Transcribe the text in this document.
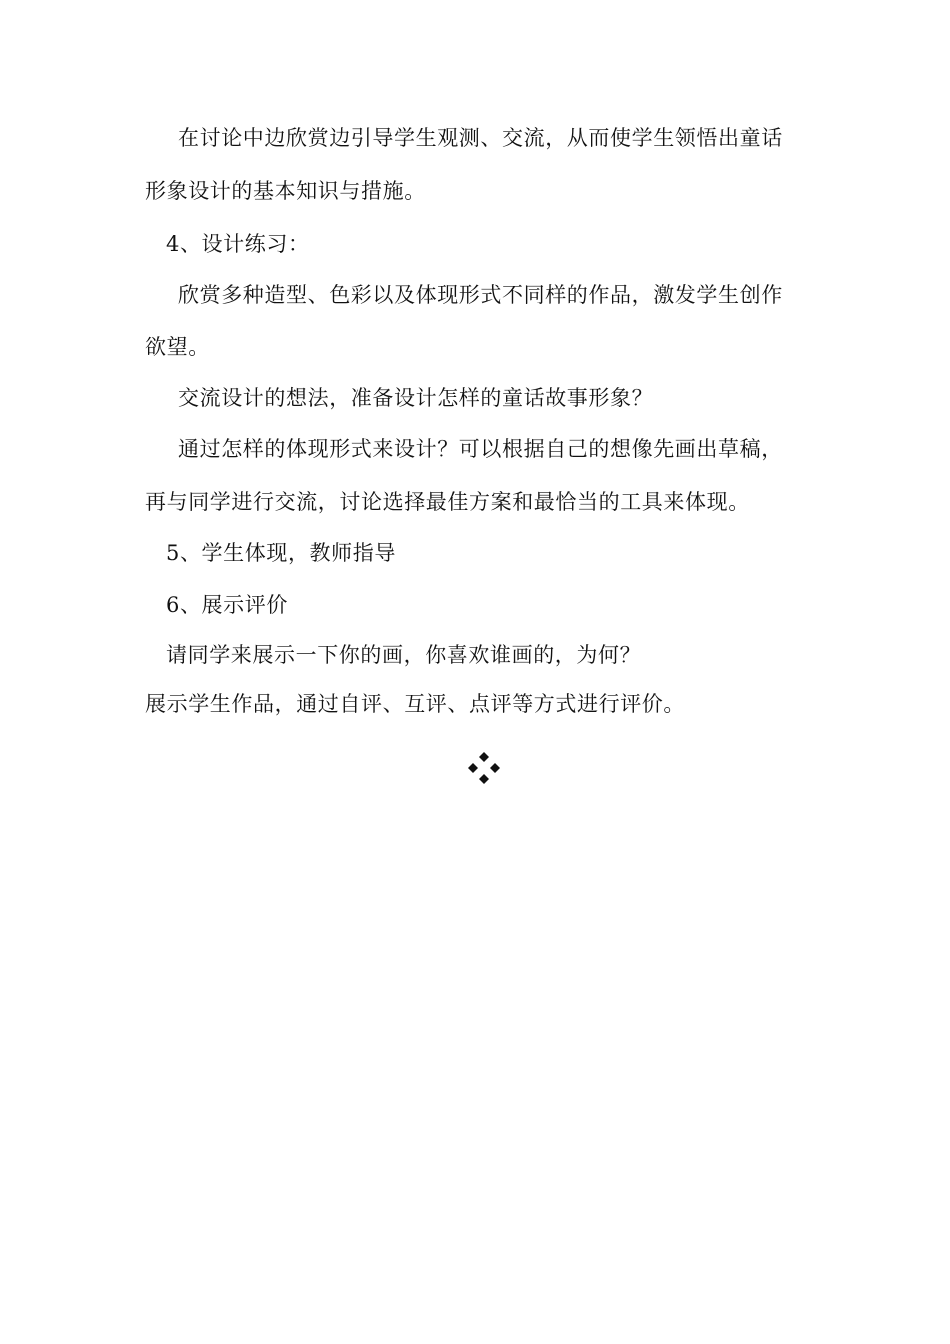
在讨论中边欣赏边引导学生观测、交流，从而使学生领悟出童话
形象设计的基本知识与措施。
4、设计练习：
欣赏多种造型、色彩以及体现形式不同样的作品，激发学生创作
欲望。
交流设计的想法，准备设计怎样的童话故事形象？
通过怎样的体现形式来设计？可以根据自己的想像先画出草稿，
再与同学进行交流，讨论选择最佳方案和最恰当的工具来体现。
5、学生体现，教师指导
6、展示评价
请同学来展示一下你的画，你喜欢谁画的，为何？
展示学生作品，通过自评、互评、点评等方式进行评价。
